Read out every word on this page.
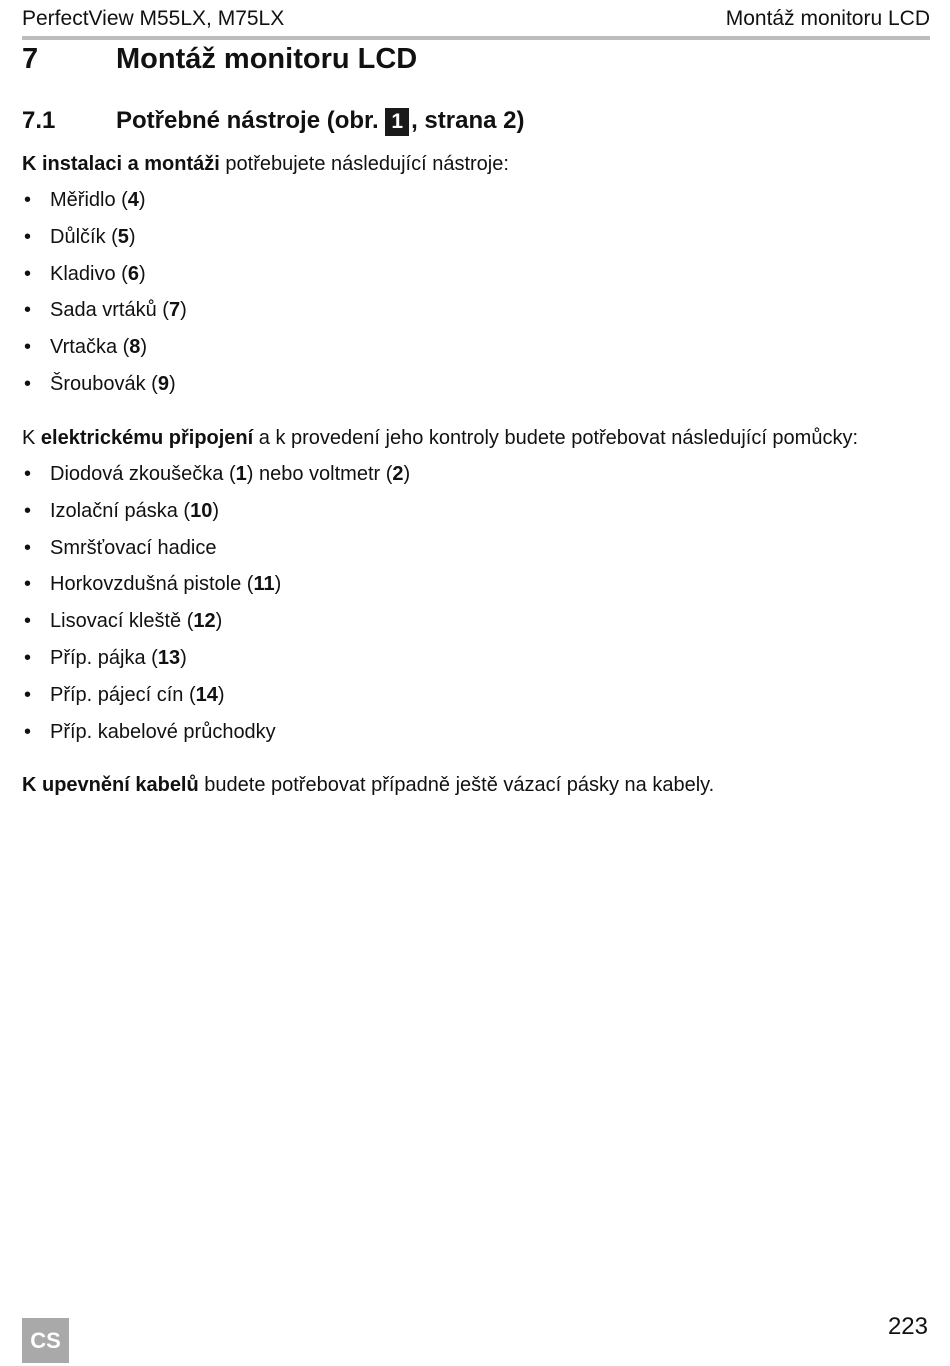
PerfectView M55LX, M75LX	Montáž monitoru LCD
7	Montáž monitoru LCD
7.1	Potřebné nástroje (obr. 1 , strana 2)
K instalaci a montáži potřebujete následující nástroje:
• Měřidlo ( 4 )
• Důlčík ( 5 )
• Kladivo ( 6 )
• Sada vrtáků ( 7 )
• Vrtačka ( 8 )
• Šroubovák ( 9 )
K elektrickému připojení a k provedení jeho kontroly budete potřebovat následující pomůcky:
• Diodová zkoušečka ( 1 ) nebo voltmetr ( 2 )
• Izolační páska ( 10 )
• Smršťovací hadice
• Horkovzdušná pistole ( 11 )
• Lisovací kleště ( 12 )
• Příp. pájka ( 13 )
• Příp. pájecí cín ( 14 )
• Příp. kabelové průchodky
K upevnění kabelů budete potřebovat případně ještě vázací pásky na kabely.
CS	223
